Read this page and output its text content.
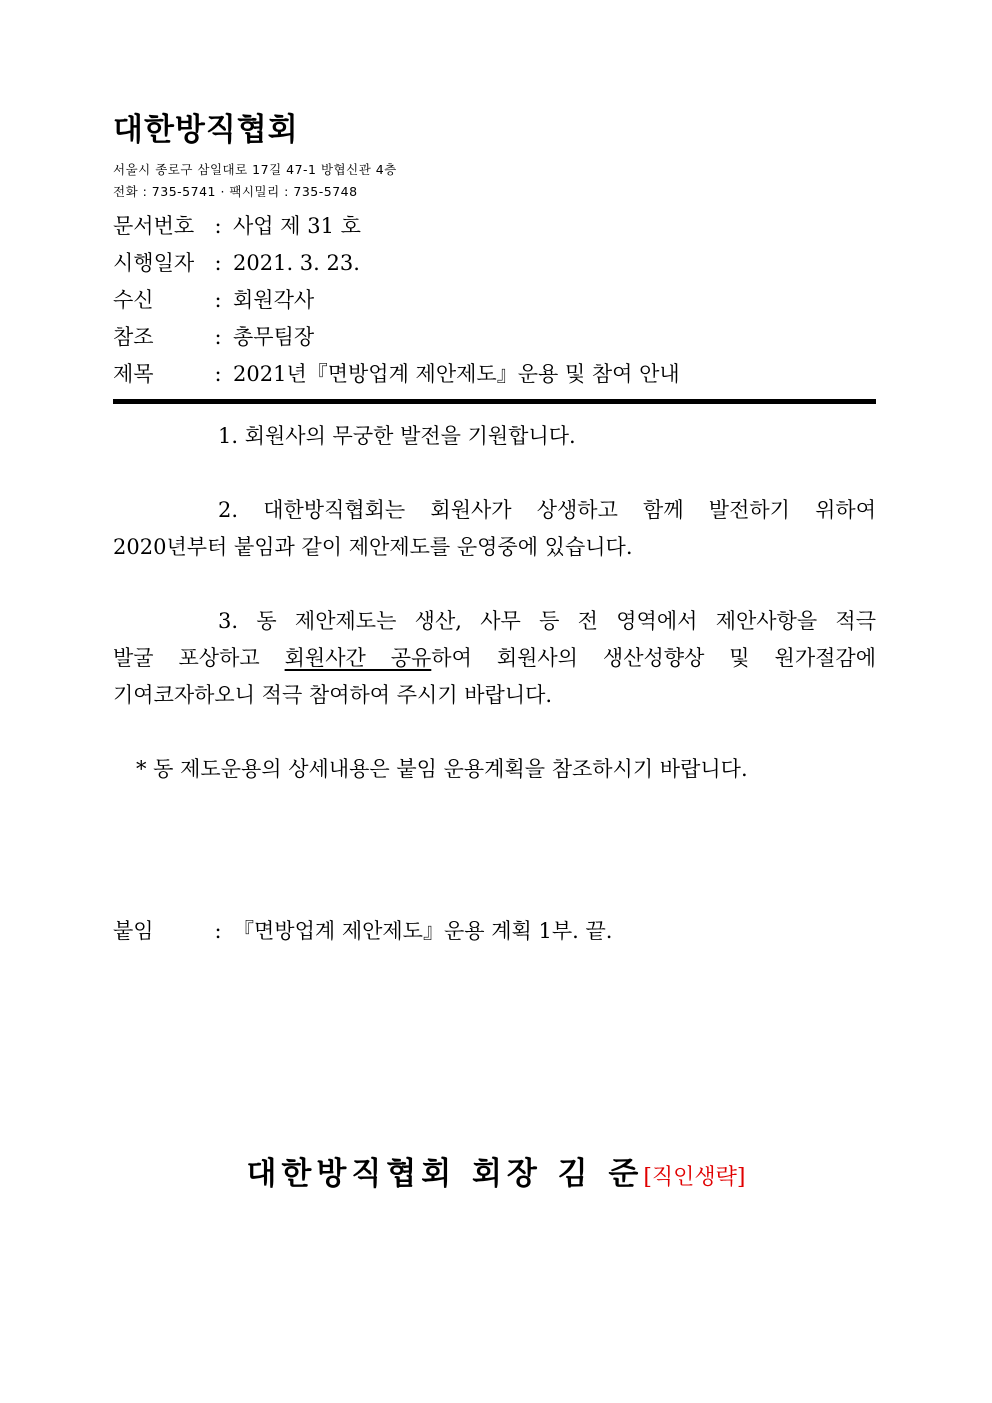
대한방직협회
서울시 종로구 삼일대로 17길 47-1 방협신관 4층
전화 : 735-5741 · 팩시밀리 : 735-5748
문서번호 : 사업 제 31 호
시행일자 : 2021. 3. 23.
수신	: 회원각사
참조	: 총무팀장
제목	: 2021년『면방업계 제안제도』운용 및 참여 안내
1. 회원사의 무궁한 발전을 기원합니다.
2. 대한방직협회는 회원사가 상생하고 함께 발전하기 위하여
2020년부터 붙임과 같이 제안제도를 운영중에 있습니다.
3. 동 제안제도는 생산, 사무 등 전 영역에서 제안사항을 적극
발굴 포상하고 회원사간 공유하여 회원사의 생산성향상 및 원가절감에
기여코자하오니 적극 참여하여 주시기 바랍니다.
* 동 제도운용의 상세내용은 붙임 운용계획을 참조하시기 바랍니다.
붙임	: 『면방업계 제안제도』운용 계획 1부. 끝.
대한방직협회 회장 김 준[직인생략]
